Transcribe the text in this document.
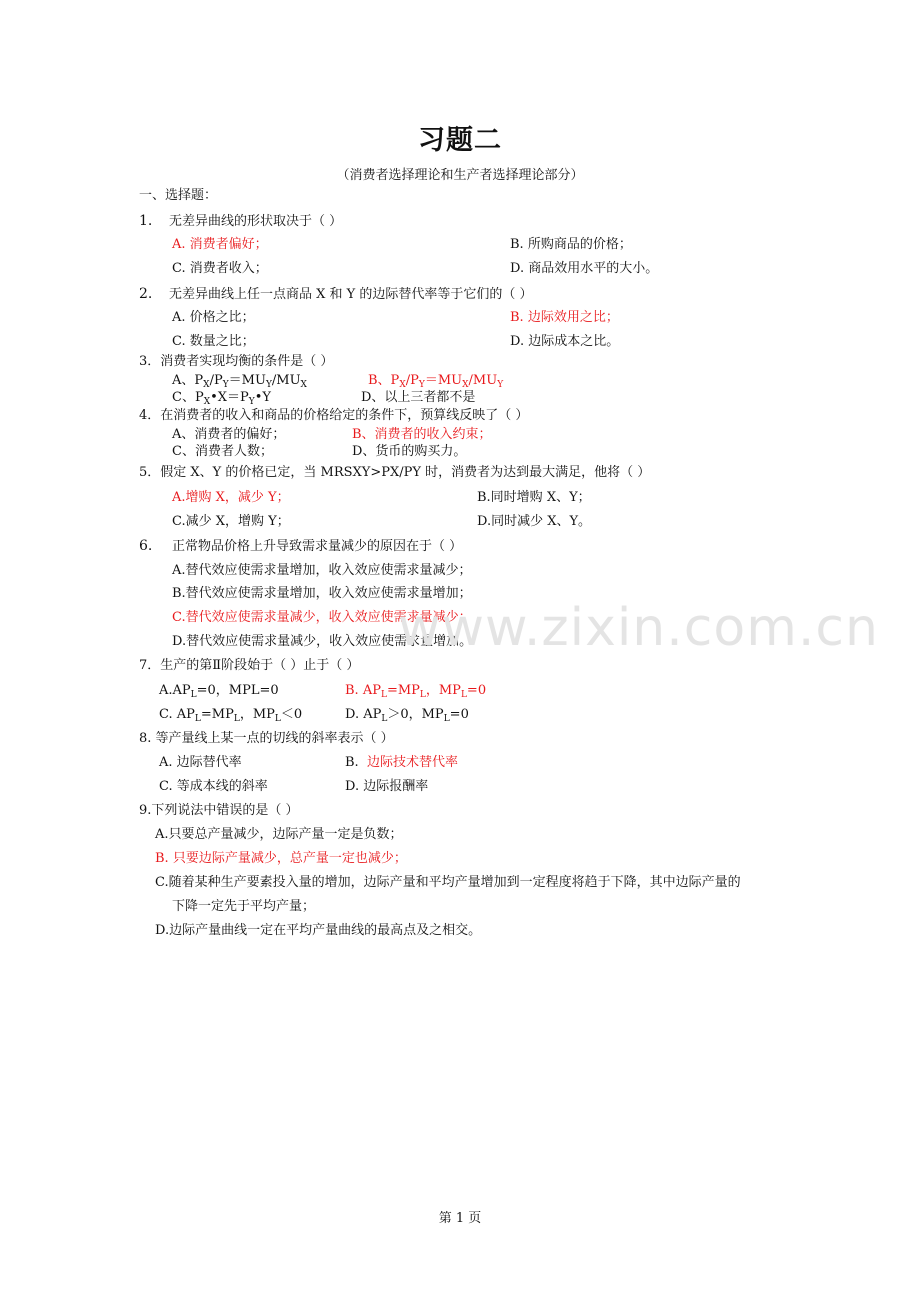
习题二
（消费者选择理论和生产者选择理论部分）
一、选择题：
1. 无差异曲线的形状取决于（ ）
A. 消费者偏好；	B. 所购商品的价格；
C. 消费者收入；	D. 商品效用水平的大小。
2. 无差异曲线上任一点商品 X 和 Y 的边际替代率等于它们的（ ）
A. 价格之比；	B. 边际效用之比；
C. 数量之比；	D. 边际成本之比。
3．消费者实现均衡的条件是（ ）
A、$P_X/P_Y=MU_Y/MU_X$	B、$P_X/P_Y=MU_X/MU_Y$
C、$P_X•X=P_Y•Y$	D、以上三者都不是
4．在消费者的收入和商品的价格给定的条件下，预算线反映了（ ）
A、消费者的偏好；	B、消费者的收入约束；
C、消费者人数；	D、货币的购买力。
5．假定 X、Y 的价格已定，当 MRSXY>PX/PY 时，消费者为达到最大满足，他将（ ）
A.增购 X，减少 Y；	B.同时增购 X、Y；
C.减少 X，增购 Y；	D.同时减少 X、Y。
6. 正常物品价格上升导致需求量减少的原因在于（ ）
A.替代效应使需求量增加，收入效应使需求量减少；
B.替代效应使需求量增加，收入效应使需求量增加；
C.替代效应使需求量减少，收入效应使需求量减少；
D.替代效应使需求量减少，收入效应使需求量增加。
7．生产的第Ⅱ阶段始于（ ）止于（ ）
$A.AP_L=0$，MPL=0	B. $AP_L=MP_L$，$MP_L=0$
C. $AP_L=MP_L$，$MP_L<0$	D. $AP_L>0$，$MP_L=0$
8. 等产量线上某一点的切线的斜率表示（ ）
A. 边际替代率	B. 边际技术替代率
C. 等成本线的斜率	D. 边际报酬率
9.下列说法中错误的是（ ）
A.只要总产量减少，边际产量一定是负数；
B. 只要边际产量减少，总产量一定也减少；
C.随着某种生产要素投入量的增加，边际产量和平均产量增加到一定程度将趋于下降，其中边际产量的
下降一定先于平均产量；
D.边际产量曲线一定在平均产量曲线的最高点及之相交。
www.zixin.com.cn
第 1 页
